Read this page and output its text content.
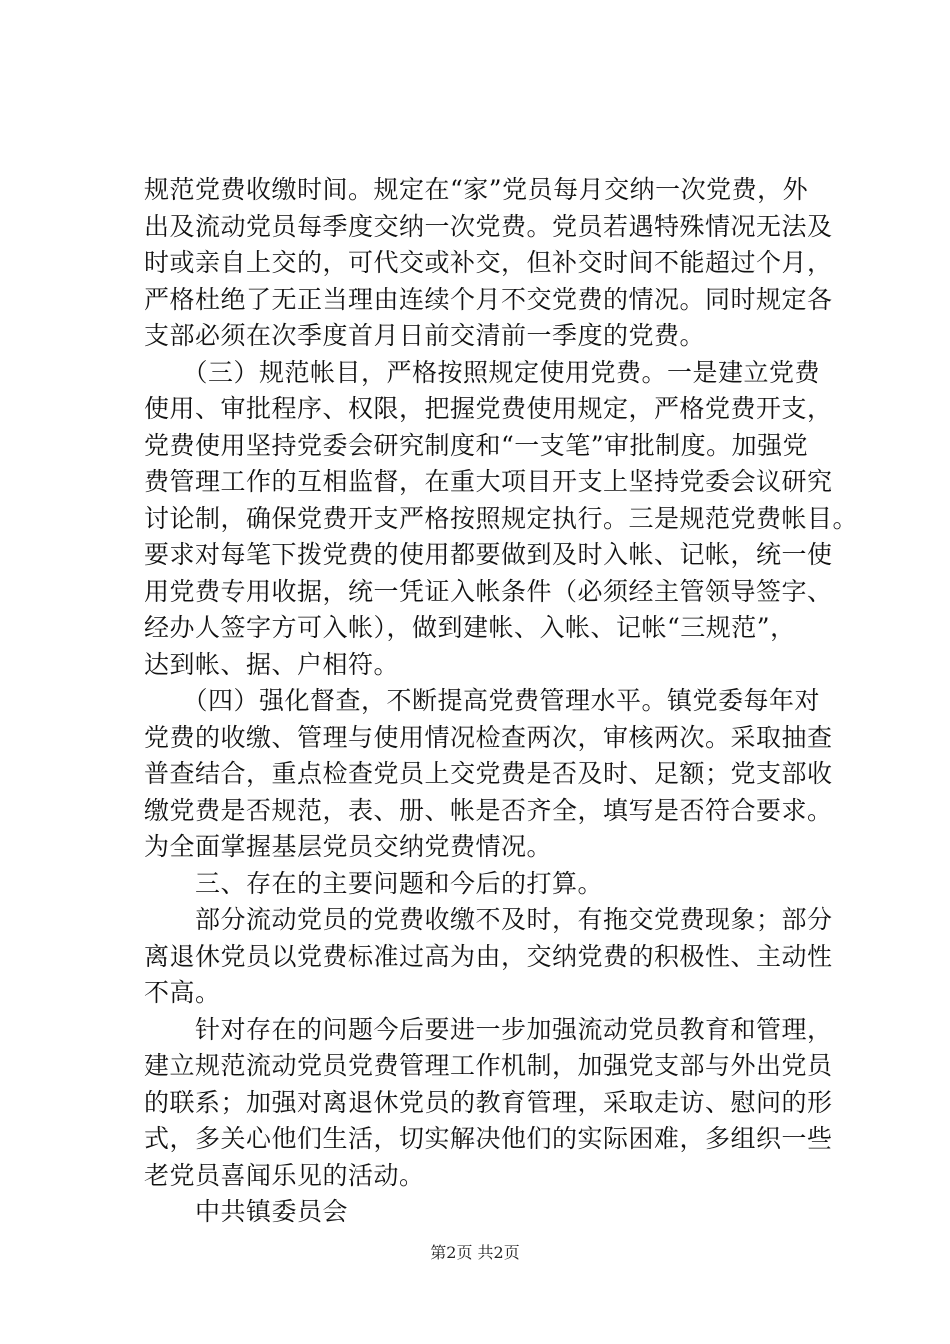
规范党费收缴时间。规定在“家”党员每月交纳一次党费，外
出及流动党员每季度交纳一次党费。党员若遇特殊情况无法及
时或亲自上交的，可代交或补交，但补交时间不能超过个月，
严格杜绝了无正当理由连续个月不交党费的情况。同时规定各
支部必须在次季度首月日前交清前一季度的党费。
　　（三）规范帐目，严格按照规定使用党费。一是建立党费
使用、审批程序、权限，把握党费使用规定，严格党费开支，
党费使用坚持党委会研究制度和“一支笔”审批制度。加强党
费管理工作的互相监督，在重大项目开支上坚持党委会议研究
讨论制，确保党费开支严格按照规定执行。三是规范党费帐目。
要求对每笔下拨党费的使用都要做到及时入帐、记帐，统一使
用党费专用收据，统一凭证入帐条件（必须经主管领导签字、
经办人签字方可入帐），做到建帐、入帐、记帐“三规范”，
达到帐、据、户相符。
　　（四）强化督查，不断提高党费管理水平。镇党委每年对
党费的收缴、管理与使用情况检查两次，审核两次。采取抽查
普查结合，重点检查党员上交党费是否及时、足额；党支部收
缴党费是否规范，表、册、帐是否齐全，填写是否符合要求。
为全面掌握基层党员交纳党费情况。
　　三、存在的主要问题和今后的打算。
　　部分流动党员的党费收缴不及时，有拖交党费现象；部分
离退休党员以党费标准过高为由，交纳党费的积极性、主动性
不高。
　　针对存在的问题今后要进一步加强流动党员教育和管理，
建立规范流动党员党费管理工作机制，加强党支部与外出党员
的联系；加强对离退休党员的教育管理，采取走访、慰问的形
式，多关心他们生活，切实解决他们的实际困难，多组织一些
老党员喜闻乐见的活动。
　　中共镇委员会
第2页 共2页
